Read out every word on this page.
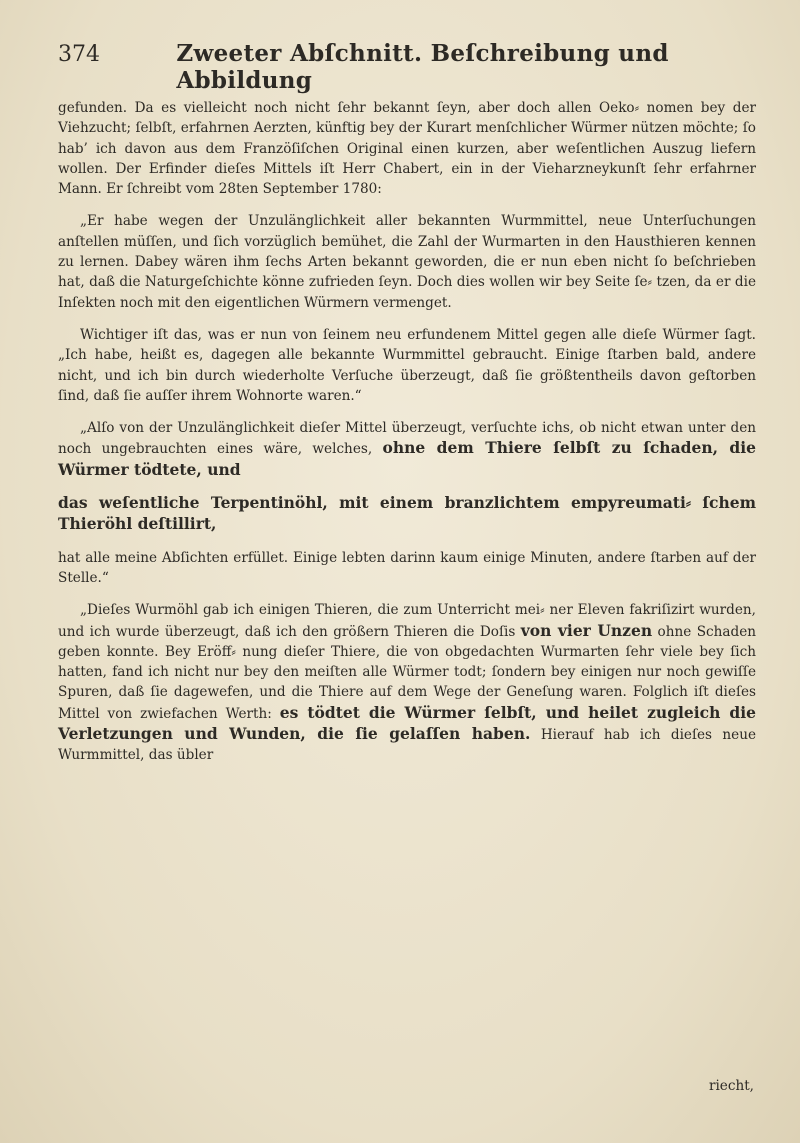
374	Zweeter Abſchnitt. Beſchreibung und Abbildung

gefunden. Da es vielleicht noch nicht ſehr bekannt ſeyn, aber doch allen Oeko⸗ nomen bey der Viehzucht; ſelbſt, erfahrnen Aerzten, künftig bey der Kurart menſchlicher Würmer nützen möchte; ſo hab’ ich davon aus dem Franzöſiſchen Original einen kurzen, aber weſentlichen Auszug liefern wollen. Der Erfinder dieſes Mittels iſt Herr Chabert, ein in der Vieharzneykunſt ſehr erfahrner Mann. Er ſchreibt vom 28ten September 1780:

„Er habe wegen der Unzulänglichkeit aller bekannten Wurmmittel, neue Unterſuchungen anſtellen müſſen, und ſich vorzüglich bemühet, die Zahl der Wurmarten in den Hausthieren kennen zu lernen. Dabey wären ihm ſechs Arten bekannt geworden, die er nun eben nicht ſo beſchrieben hat, daß die Naturgeſchichte könne zufrieden ſeyn. Doch dies wollen wir bey Seite ſe⸗ tzen, da er die Inſekten noch mit den eigentlichen Würmern vermenget.

Wichtiger iſt das, was er nun von ſeinem neu erfundenem Mittel gegen alle dieſe Würmer ſagt. „Ich habe, heißt es, dagegen alle bekannte Wurmmittel gebraucht. Einige ſtarben bald, andere nicht, und ich bin durch wiederholte Verſuche überzeugt, daß ſie größtentheils davon geſtorben ſind, daß ſie auſſer ihrem Wohnorte waren.“

„Alſo von der Unzulänglichkeit dieſer Mittel überzeugt, verſuchte ichs, ob nicht etwan unter den noch ungebrauchten eines wäre, welches, ohne dem Thiere ſelbſt zu ſchaden, die Würmer tödtete, und

das weſentliche Terpentinöhl, mit einem branzlichtem empyreumati⸗ ſchem Thieröhl deſtillirt,

hat alle meine Abſichten erfüllet. Einige lebten darinn kaum einige Minuten, andere ſtarben auf der Stelle.“

„Dieſes Wurmöhl gab ich einigen Thieren, die zum Unterricht mei⸗ ner Eleven fakriſizirt wurden, und ich wurde überzeugt, daß ich den größern Thieren die Doſis von vier Unzen ohne Schaden geben konnte. Bey Eröff⸗ nung dieſer Thiere, die von obgedachten Wurmarten ſehr viele bey ſich hatten, fand ich nicht nur bey den meiſten alle Würmer todt; ſondern bey einigen nur noch gewiſſe Spuren, daß ſie dagewefen, und die Thiere auf dem Wege der Geneſung waren. Folglich iſt dieſes Mittel von zwiefachen Werth: es tödtet die Würmer ſelbſt, und heilet zugleich die Verletzungen und Wunden, die ſie gelaſſen haben. Hierauf hab ich dieſes neue Wurmmittel, das übler

riecht,
